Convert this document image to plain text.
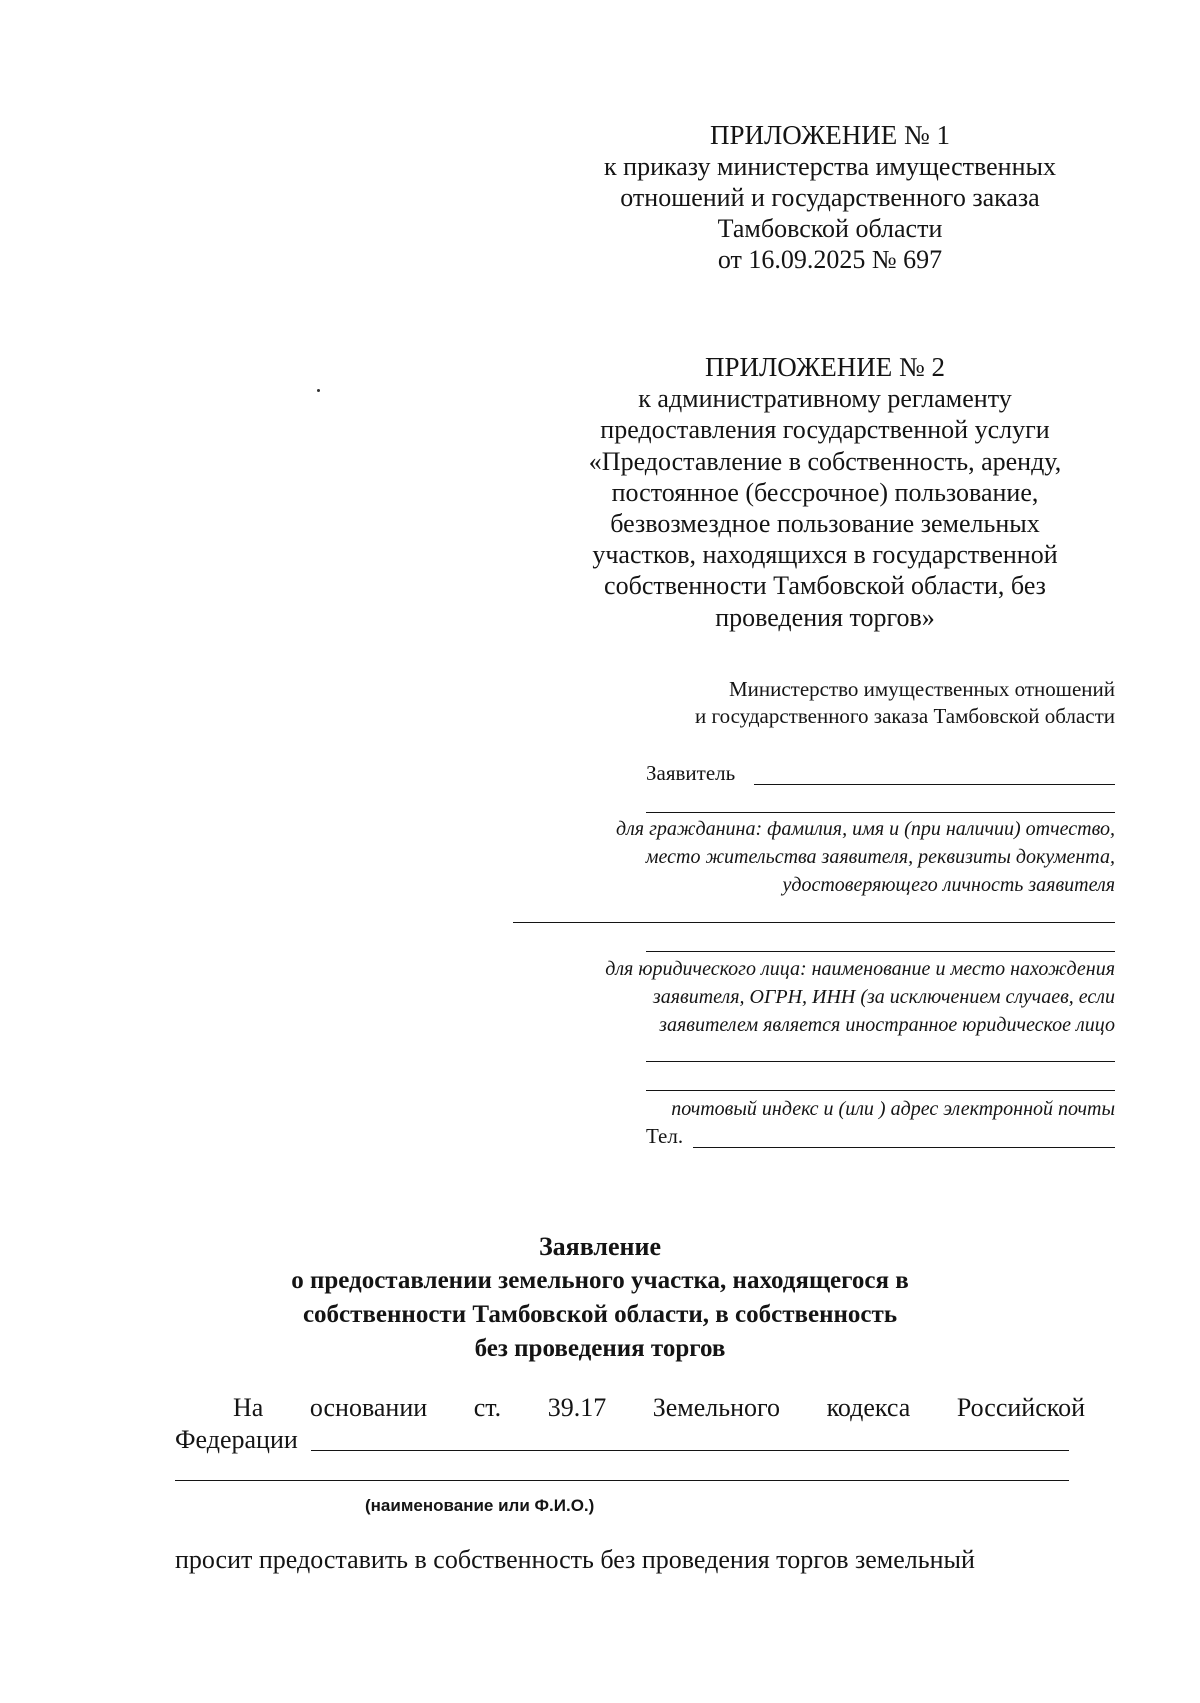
ПРИЛОЖЕНИЕ № 1
к приказу министерства имущественных
отношений и государственного заказа
Тамбовской области
от 16.09.2025 № 697
ПРИЛОЖЕНИЕ № 2
к административному регламенту
предоставления государственной услуги
«Предоставление в собственность, аренду,
постоянное (бессрочное) пользование,
безвозмездное пользование земельных
участков, находящихся в государственной
собственности Тамбовской области, без
проведения торгов»
Министерство имущественных отношений
и государственного заказа Тамбовской области
Заявитель
для гражданина: фамилия, имя и (при наличии) отчество,
место жительства заявителя, реквизиты документа,
удостоверяющего личность заявителя
для юридического лица: наименование и место нахождения
заявителя, ОГРН, ИНН (за исключением случаев, если
заявителем является иностранное юридическое лицо
почтовый индекс и (или ) адрес электронной почты
Тел.
Заявление
о предоставлении земельного участка, находящегося в
собственности Тамбовской области, в собственность
без проведения торгов
На основании ст. 39.17 Земельного кодекса Российской
Федерации
(наименование или Ф.И.О.)
просит предоставить в собственность без проведения торгов земельный
